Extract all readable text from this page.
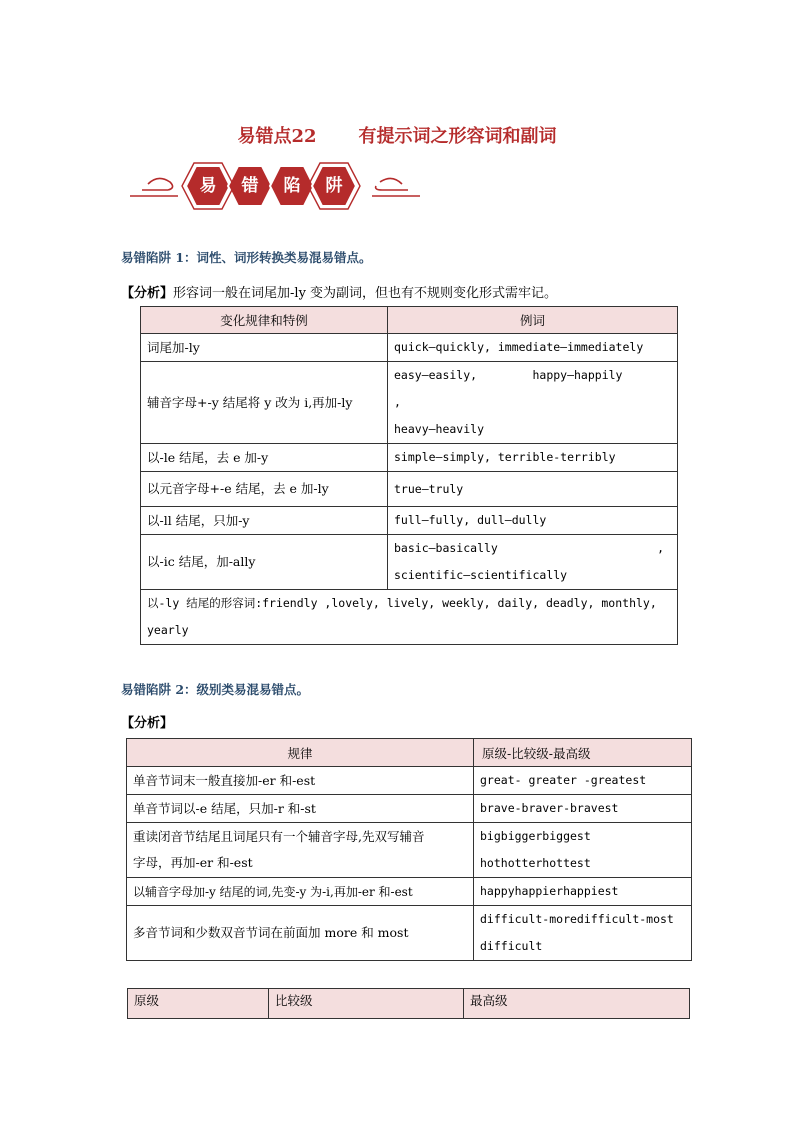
易错点22 有提示词之形容词和副词
易	错	陷	阱
易错陷阱 1：词性、词形转换类易混易错点。
【分析】形容词一般在词尾加-ly 变为副词，但也有不规则变化形式需牢记。
变化规律和特例	例词
词尾加-ly	quick—quickly, immediate—immediately
辅音字母+-y 结尾将 y 改为 i,再加-ly	easy—easily,        happy—happily       ,
heavy—heavily
以-le 结尾，去 e 加-y	simple—simply, terrible-terribly
以元音字母+-e 结尾，去 e 加-ly	true—truly
以-ll 结尾，只加-y	full—fully, dull—dully
以-ic 结尾，加-ally	basic—basically                       ,
scientific—scientifically
以-ly 结尾的形容词:friendly ,lovely, lively, weekly, daily, deadly, monthly,
yearly	
易错陷阱 2：级别类易混易错点。
【分析】
规律	原级-比较级-最高级
单音节词末一般直接加-er 和-est	great- greater -greatest
单音节词以-e 结尾，只加-r 和-st	brave-braver-bravest
重读闭音节结尾且词尾只有一个辅音字母,先双写辅音
字母，再加-er 和-est	bigbiggerbiggest
hothotterhottest
以辅音字母加-y 结尾的词,先变-y 为-i,再加-er 和-est	happyhappierhappiest
多音节词和少数双音节词在前面加 more 和 most	difficult-moredifficult-most
difficult
原级	比较级	最高级
